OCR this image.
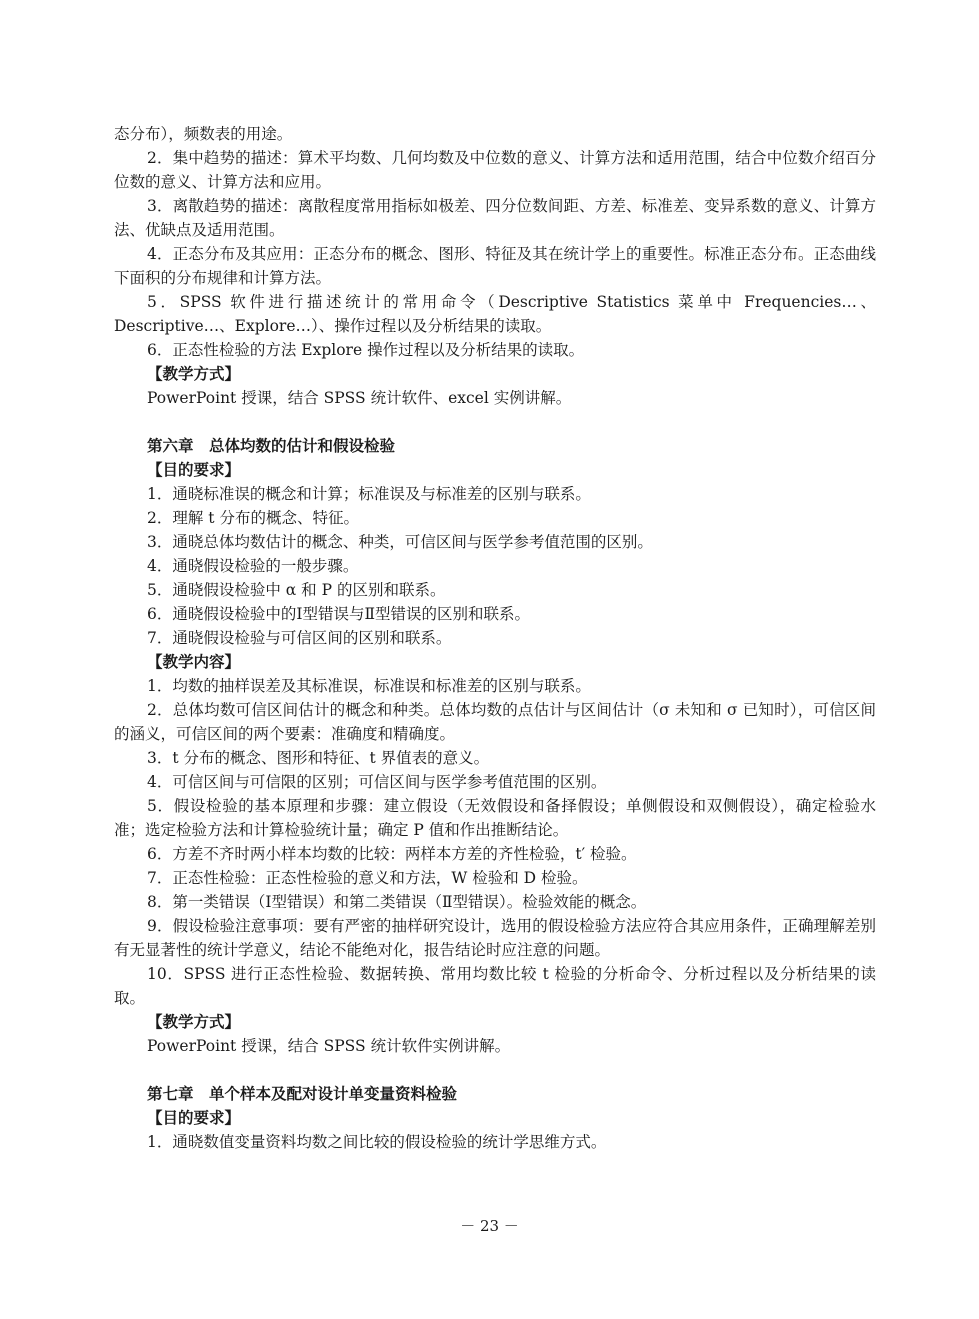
态分布），频数表的用途。

2．集中趋势的描述：算术平均数、几何均数及中位数的意义、计算方法和适用范围，结合中位数介绍百分位数的意义、计算方法和应用。

3．离散趋势的描述：离散程度常用指标如极差、四分位数间距、方差、标准差、变异系数的意义、计算方法、优缺点及适用范围。

4．正态分布及其应用：正态分布的概念、图形、特征及其在统计学上的重要性。标准正态分布。正态曲线下面积的分布规律和计算方法。

5．SPSS 软件进行描述统计的常用命令（Descriptive Statistics 菜单中 Frequencies…、Descriptive…、Explore…）、操作过程以及分析结果的读取。

6．正态性检验的方法 Explore 操作过程以及分析结果的读取。

【教学方式】

PowerPoint 授课，结合 SPSS 统计软件、excel 实例讲解。

第六章　总体均数的估计和假设检验

【目的要求】

1．通晓标准误的概念和计算；标准误及与标准差的区别与联系。

2．理解 t 分布的概念、特征。

3．通晓总体均数估计的概念、种类，可信区间与医学参考值范围的区别。

4．通晓假设检验的一般步骤。

5．通晓假设检验中 α 和 P 的区别和联系。

6．通晓假设检验中的Ⅰ型错误与Ⅱ型错误的区别和联系。

7．通晓假设检验与可信区间的区别和联系。

【教学内容】

1．均数的抽样误差及其标准误，标准误和标准差的区别与联系。

2．总体均数可信区间估计的概念和种类。总体均数的点估计与区间估计（σ 未知和 σ 已知时），可信区间的涵义，可信区间的两个要素：准确度和精确度。

3．t 分布的概念、图形和特征、t 界值表的意义。

4．可信区间与可信限的区别；可信区间与医学参考值范围的区别。

5．假设检验的基本原理和步骤：建立假设（无效假设和备择假设；单侧假设和双侧假设），确定检验水准；选定检验方法和计算检验统计量；确定 P 值和作出推断结论。

6．方差不齐时两小样本均数的比较：两样本方差的齐性检验，t′ 检验。

7．正态性检验：正态性检验的意义和方法，W 检验和 D 检验。

8．第一类错误（Ⅰ型错误）和第二类错误（Ⅱ型错误）。检验效能的概念。

9．假设检验注意事项：要有严密的抽样研究设计，选用的假设检验方法应符合其应用条件，正确理解差别有无显著性的统计学意义，结论不能绝对化，报告结论时应注意的问题。

10．SPSS 进行正态性检验、数据转换、常用均数比较 t 检验的分析命令、分析过程以及分析结果的读取。

【教学方式】

PowerPoint 授课，结合 SPSS 统计软件实例讲解。

第七章　单个样本及配对设计单变量资料检验

【目的要求】

1．通晓数值变量资料均数之间比较的假设检验的统计学思维方式。

－ 23 －
